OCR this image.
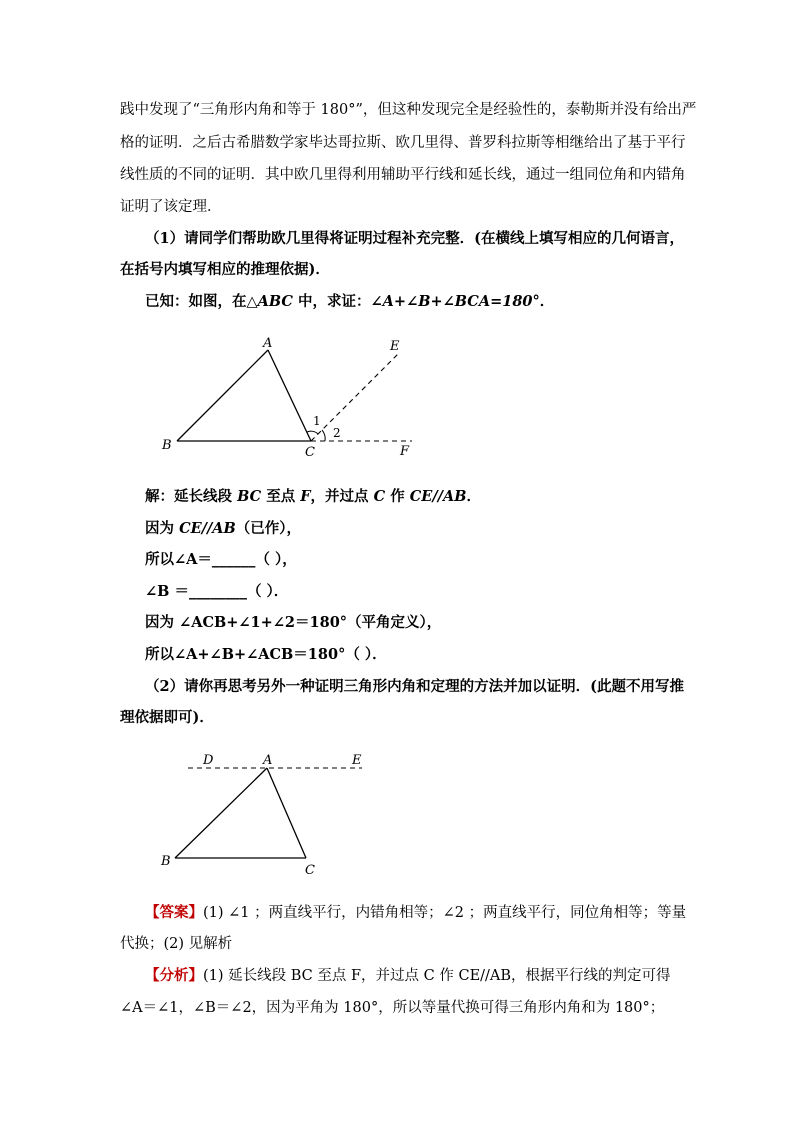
践中发现了“三角形内角和等于 180°”，但这种发现完全是经验性的，泰勒斯并没有给出严
格的证明．之后古希腊数学家毕达哥拉斯、欧几里得、普罗科拉斯等相继给出了基于平行
线性质的不同的证明．其中欧几里得利用辅助平行线和延长线，通过一组同位角和内错角
证明了该定理．
（1）请同学们帮助欧几里得将证明过程补充完整．(在横线上填写相应的几何语言，
在括号内填写相应的推理依据)．
已知：如图，在△ABC 中，求证：∠A+∠B+∠BCA=180°．
A
B	C
E
F
1
2
解：延长线段 BC 至点 F，并过点 C 作 CE//AB．
因为 CE//AB（已作），
所以∠A＝______（ ），
∠B ＝________（ ）．
因为 ∠ACB+∠1+∠2＝180°（平角定义），
所以∠A+∠B+∠ACB＝180°（ ）．
（2）请你再思考另外一种证明三角形内角和定理的方法并加以证明．(此题不用写推
理依据即可)．
D	A	E
B
C
【答案】(1) ∠1 ；两直线平行，内错角相等；∠2 ；两直线平行，同位角相等；等量
代换；(2) 见解析
【分析】(1) 延长线段 BC 至点 F，并过点 C 作 CE//AB，根据平行线的判定可得
∠A＝∠1，∠B＝∠2，因为平角为 180°，所以等量代换可得三角形内角和为 180°；
